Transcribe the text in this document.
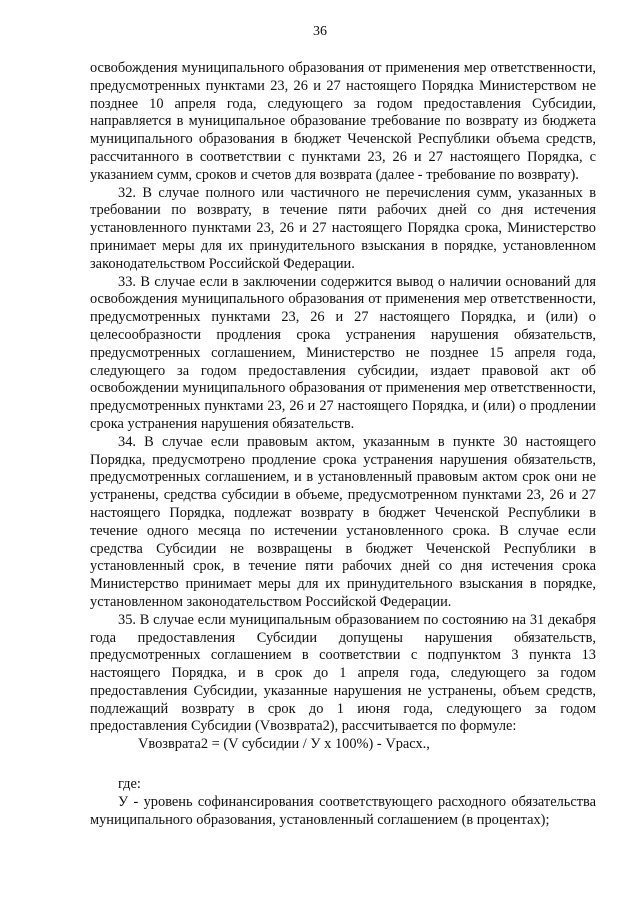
36

освобождения муниципального образования от применения мер ответственности, предусмотренных пунктами 23, 26 и 27 настоящего Порядка Министерством не позднее 10 апреля года, следующего за годом предоставления Субсидии, направляется в муниципальное образование требование по возврату из бюджета муниципального образования в бюджет Чеченской Республики объема средств, рассчитанного в соответствии с пунктами 23, 26 и 27 настоящего Порядка, с указанием сумм, сроков и счетов для возврата (далее - требование по возврату).

32. В случае полного или частичного не перечисления сумм, указанных в требовании по возврату, в течение пяти рабочих дней со дня истечения установленного пунктами 23, 26 и 27 настоящего Порядка срока, Министерство принимает меры для их принудительного взыскания в порядке, установленном законодательством Российской Федерации.

33. В случае если в заключении содержится вывод о наличии оснований для освобождения муниципального образования от применения мер ответственности, предусмотренных пунктами 23, 26 и 27 настоящего Порядка, и (или) о целесообразности продления срока устранения нарушения обязательств, предусмотренных соглашением, Министерство не позднее 15 апреля года, следующего за годом предоставления субсидии, издает правовой акт об освобождении муниципального образования от применения мер ответственности, предусмотренных пунктами 23, 26 и 27 настоящего Порядка, и (или) о продлении срока устранения нарушения обязательств.

34. В случае если правовым актом, указанным в пункте 30 настоящего Порядка, предусмотрено продление срока устранения нарушения обязательств, предусмотренных соглашением, и в установленный правовым актом срок они не устранены, средства субсидии в объеме, предусмотренном пунктами 23, 26 и 27 настоящего Порядка, подлежат возврату в бюджет Чеченской Республики в течение одного месяца по истечении установленного срока. В случае если средства Субсидии не возвращены в бюджет Чеченской Республики в установленный срок, в течение пяти рабочих дней со дня истечения срока Министерство принимает меры для их принудительного взыскания в порядке, установленном законодательством Российской Федерации.

35. В случае если муниципальным образованием по состоянию на 31 декабря года предоставления Субсидии допущены нарушения обязательств, предусмотренных соглашением в соответствии с подпунктом 3 пункта 13 настоящего Порядка, и в срок до 1 апреля года, следующего за годом предоставления Субсидии, указанные нарушения не устранены, объем средств, подлежащий возврату в срок до 1 июня года, следующего за годом предоставления Субсидии (Vвозврата2), рассчитывается по формуле:

Vвозврата2 = (V субсидии / У х 100%) - Vрасх.,

где:

У - уровень софинансирования соответствующего расходного обязательства муниципального образования, установленный соглашением (в процентах);
